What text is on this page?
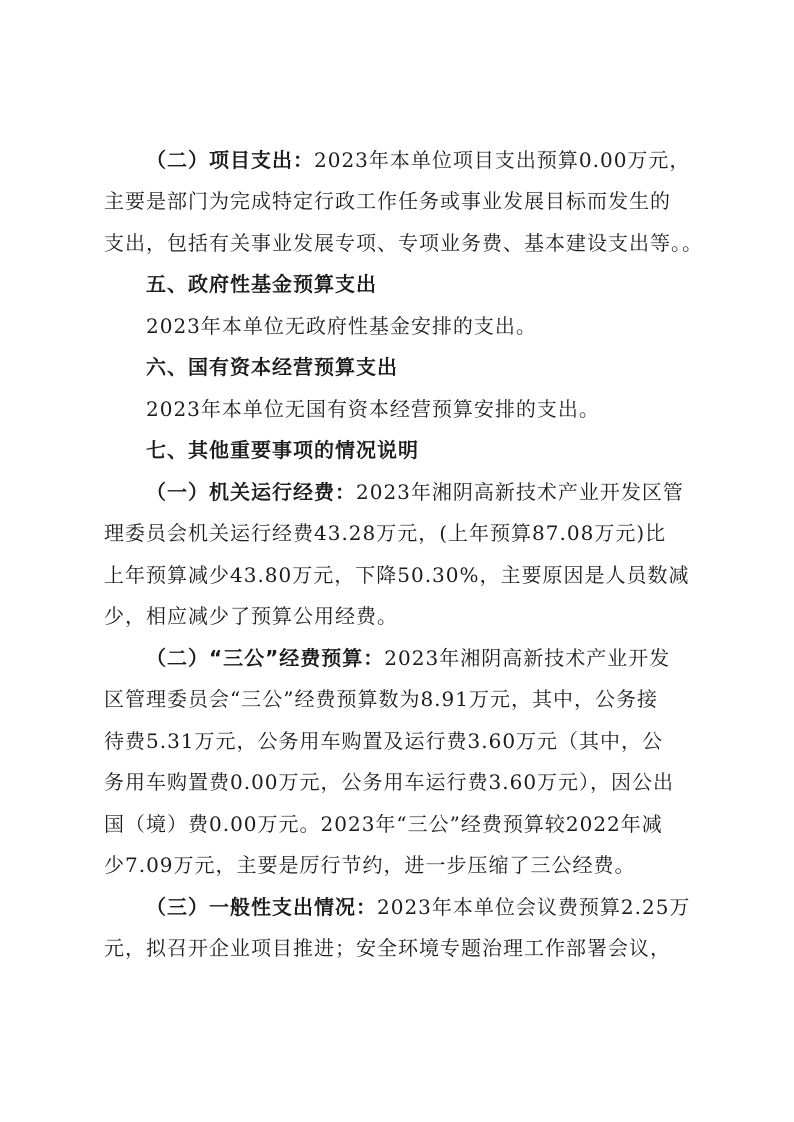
（二）项目支出：2023年本单位项目支出预算0.00万元，
主要是部门为完成特定行政工作任务或事业发展目标而发生的
支出，包括有关事业发展专项、专项业务费、基本建设支出等。。
五、政府性基金预算支出
2023年本单位无政府性基金安排的支出。
六、国有资本经营预算支出
2023年本单位无国有资本经营预算安排的支出。
七、其他重要事项的情况说明
（一）机关运行经费：2023年湘阴高新技术产业开发区管
理委员会机关运行经费43.28万元，(上年预算87.08万元)比
上年预算减少43.80万元，下降50.30%，主要原因是人员数减
少，相应减少了预算公用经费。
（二）“三公”经费预算：2023年湘阴高新技术产业开发
区管理委员会“三公”经费预算数为8.91万元，其中，公务接
待费5.31万元，公务用车购置及运行费3.60万元（其中，公
务用车购置费0.00万元，公务用车运行费3.60万元），因公出
国（境）费0.00万元。2023年“三公”经费预算较2022年减
少7.09万元，主要是厉行节约，进一步压缩了三公经费。
（三）一般性支出情况：2023年本单位会议费预算2.25万
元，拟召开企业项目推进；安全环境专题治理工作部署会议，
